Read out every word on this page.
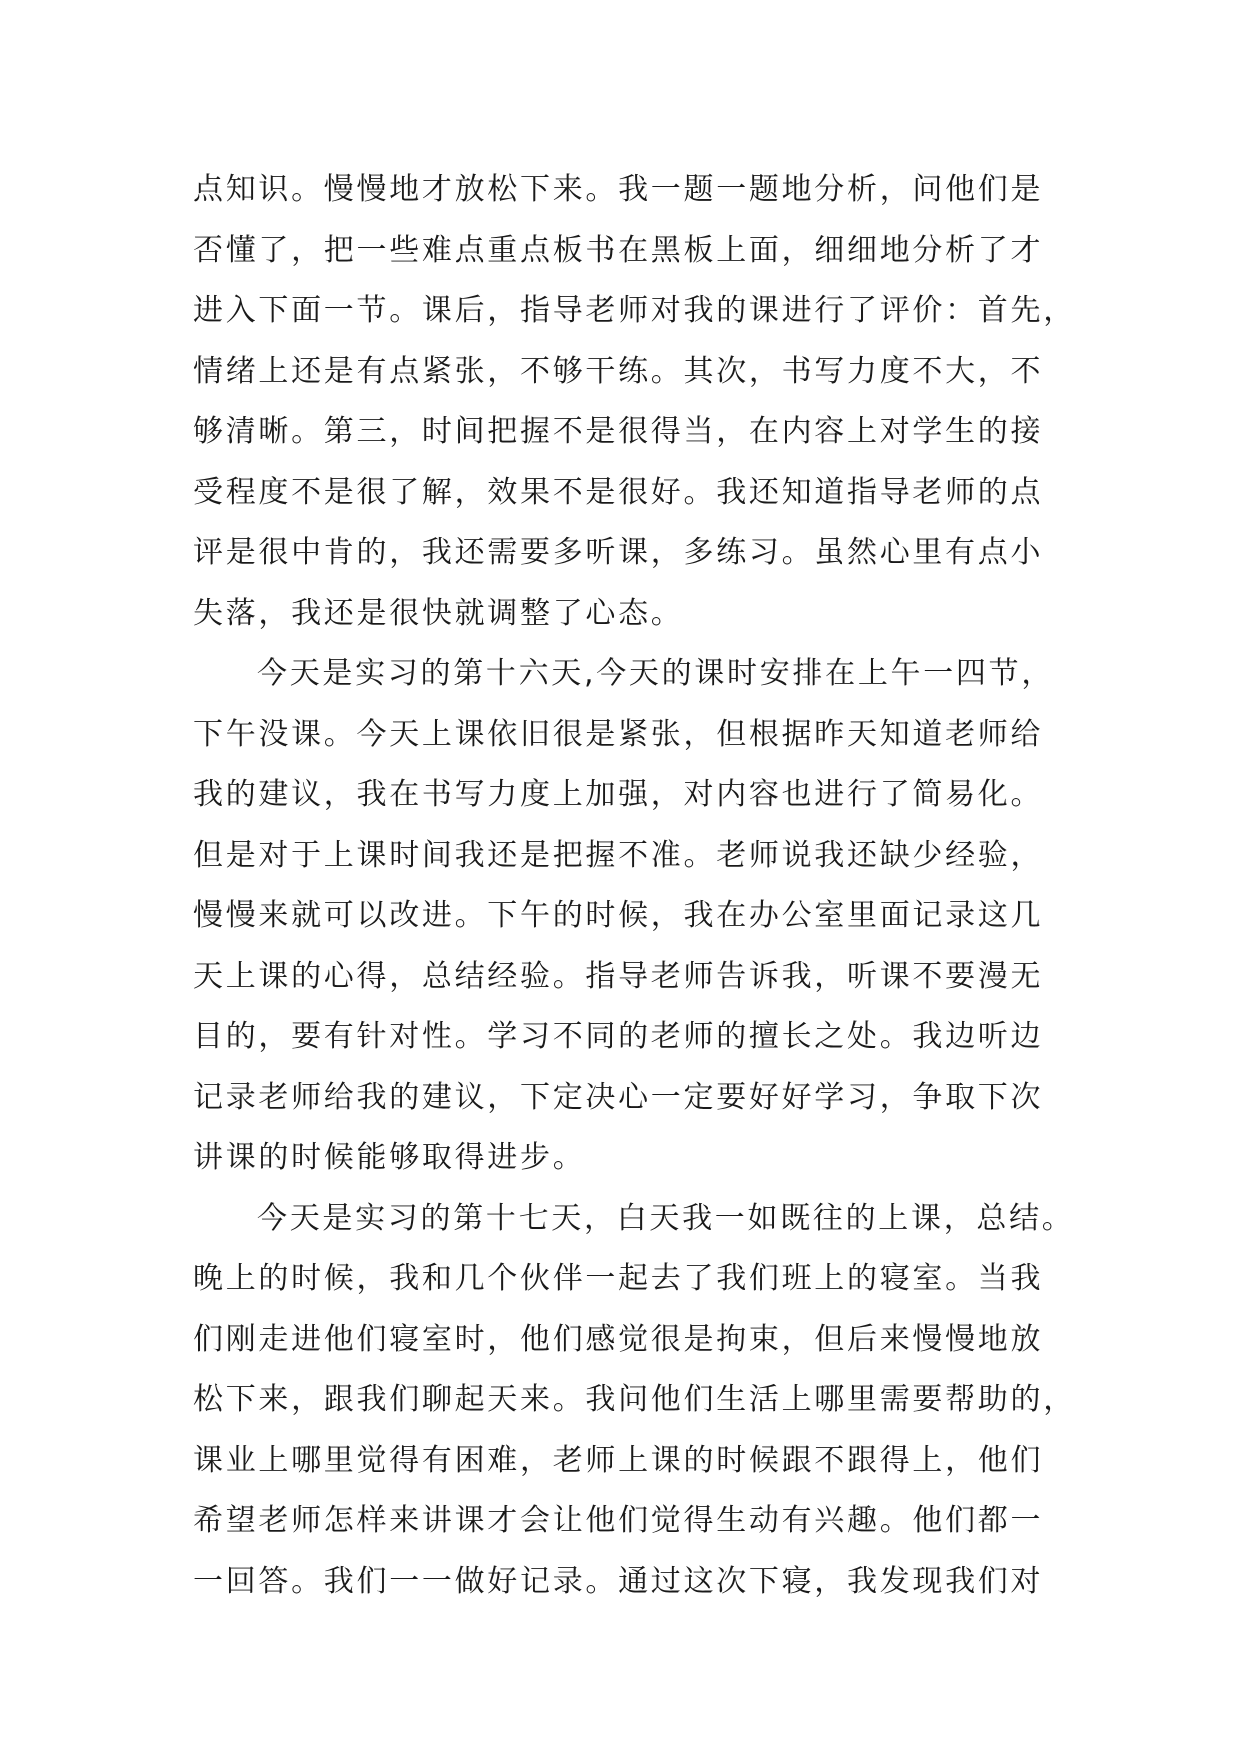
点知识。慢慢地才放松下来。我一题一题地分析，问他们是
否懂了，把一些难点重点板书在黑板上面，细细地分析了才
进入下面一节。课后，指导老师对我的课进行了评价：首先，
情绪上还是有点紧张，不够干练。其次，书写力度不大，不
够清晰。第三，时间把握不是很得当，在内容上对学生的接
受程度不是很了解，效果不是很好。我还知道指导老师的点
评是很中肯的，我还需要多听课，多练习。虽然心里有点小
失落，我还是很快就调整了心态。
今天是实习的第十六天,今天的课时安排在上午一四节，
下午没课。今天上课依旧很是紧张，但根据昨天知道老师给
我的建议，我在书写力度上加强，对内容也进行了简易化。
但是对于上课时间我还是把握不准。老师说我还缺少经验，
慢慢来就可以改进。下午的时候，我在办公室里面记录这几
天上课的心得，总结经验。指导老师告诉我，听课不要漫无
目的，要有针对性。学习不同的老师的擅长之处。我边听边
记录老师给我的建议，下定决心一定要好好学习，争取下次
讲课的时候能够取得进步。
今天是实习的第十七天，白天我一如既往的上课，总结。
晚上的时候，我和几个伙伴一起去了我们班上的寝室。当我
们刚走进他们寝室时，他们感觉很是拘束，但后来慢慢地放
松下来，跟我们聊起天来。我问他们生活上哪里需要帮助的，
课业上哪里觉得有困难，老师上课的时候跟不跟得上，他们
希望老师怎样来讲课才会让他们觉得生动有兴趣。他们都一
一回答。我们一一做好记录。通过这次下寝，我发现我们对
